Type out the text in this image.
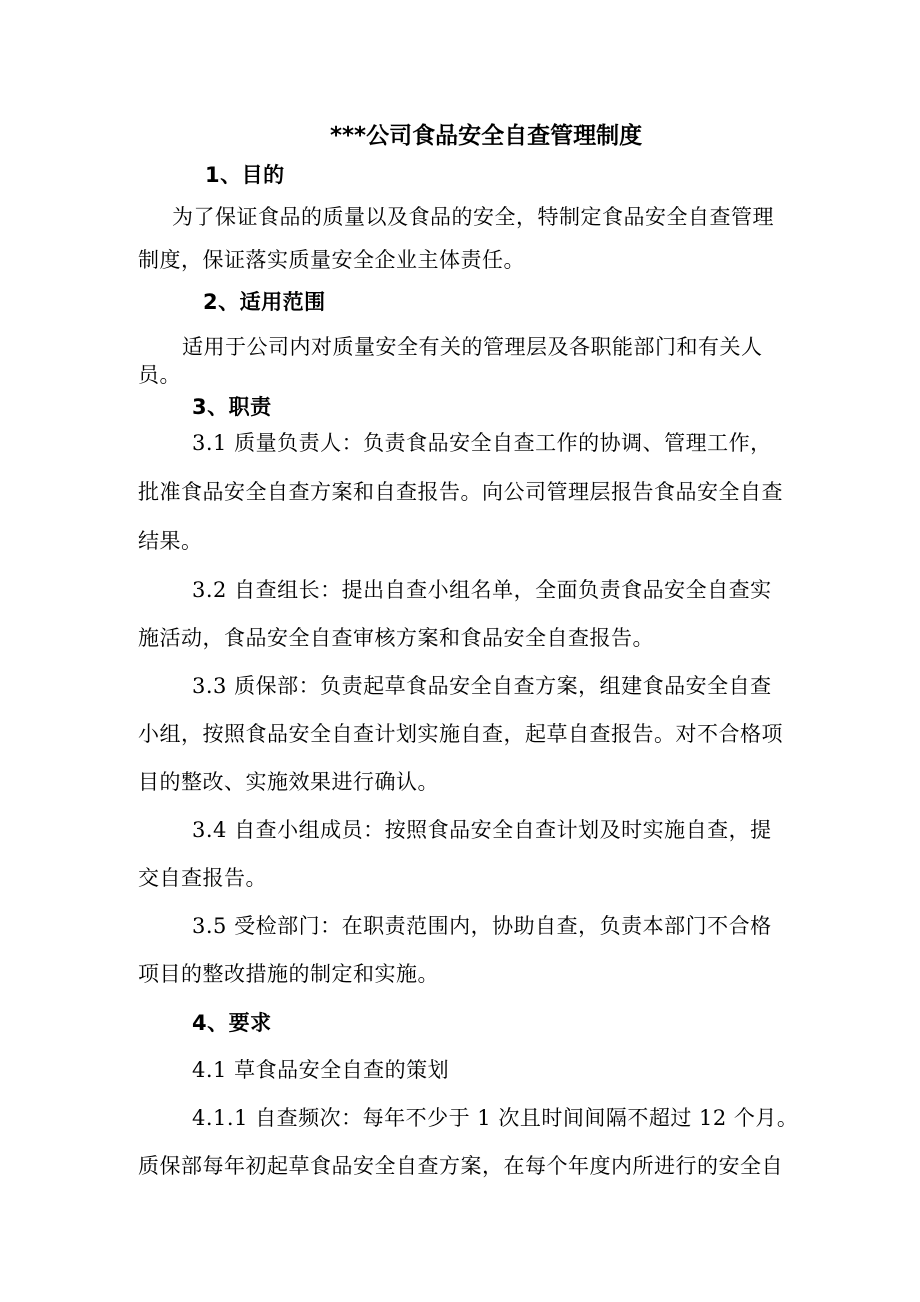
***公司食品安全自查管理制度
1、目的
为了保证食品的质量以及食品的安全，特制定食品安全自查管理
制度，保证落实质量安全企业主体责任。
2、适用范围
适用于公司内对质量安全有关的管理层及各职能部门和有关人
员。
3、职责
3.1 质量负责人：负责食品安全自查工作的协调、管理工作，
批准食品安全自查方案和自查报告。向公司管理层报告食品安全自查
结果。
3.2 自查组长：提出自查小组名单，全面负责食品安全自查实
施活动，食品安全自查审核方案和食品安全自查报告。
3.3 质保部：负责起草食品安全自查方案，组建食品安全自查
小组，按照食品安全自查计划实施自查，起草自查报告。对不合格项
目的整改、实施效果进行确认。
3.4 自查小组成员：按照食品安全自查计划及时实施自查，提
交自查报告。
3.5 受检部门：在职责范围内，协助自查，负责本部门不合格
项目的整改措施的制定和实施。
4、要求
4.1 草食品安全自查的策划
4.1.1 自查频次：每年不少于 1 次且时间间隔不超过 12 个月。
质保部每年初起草食品安全自查方案，在每个年度内所进行的安全自
